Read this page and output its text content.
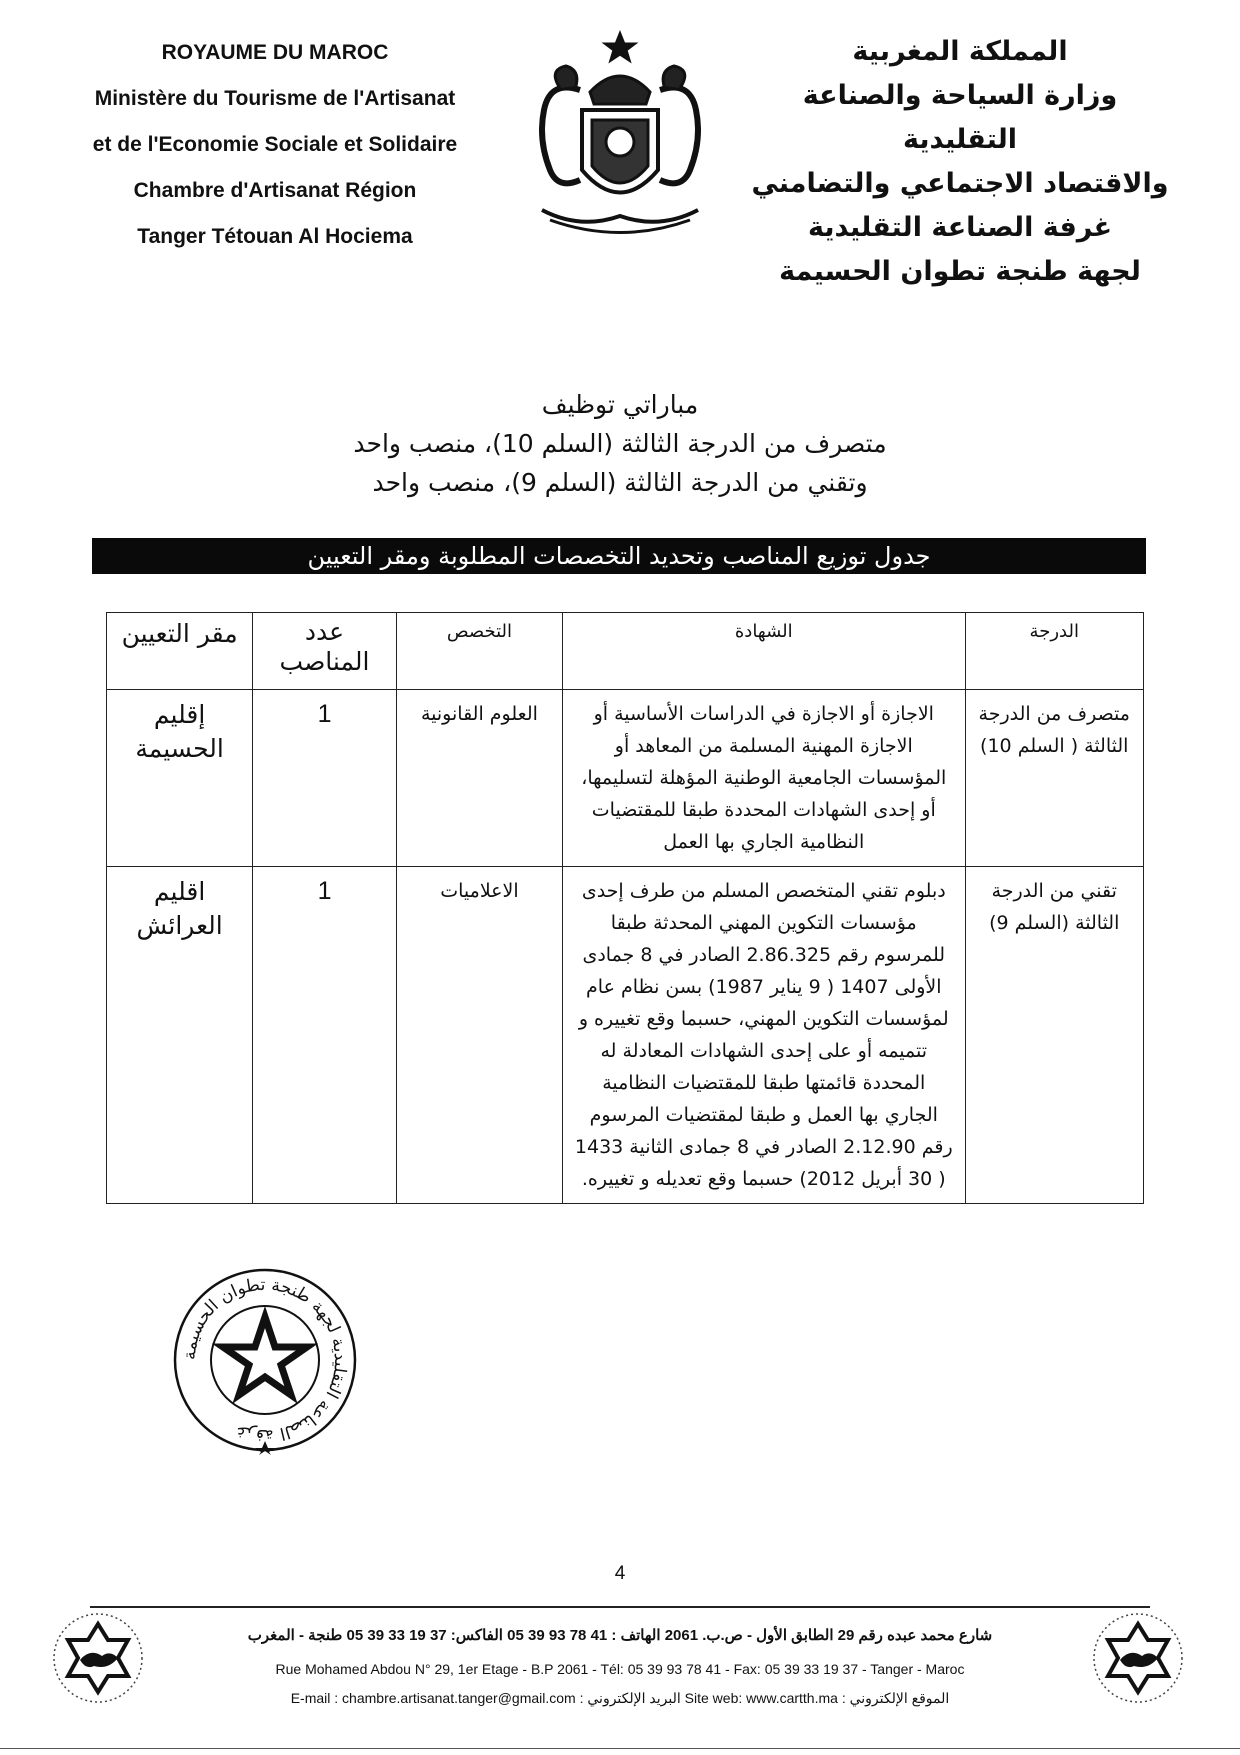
ROYAUME DU MAROC
Ministère du Tourisme de l'Artisanat
et de l'Economie Sociale et Solidaire
Chambre d'Artisanat Région
Tanger Tétouan Al Hociema
المملكة المغربية
وزارة السياحة والصناعة التقليدية
والاقتصاد الاجتماعي والتضامني
غرفة الصناعة التقليدية
لجهة طنجة تطوان الحسيمة
مباراتي توظيف
متصرف من الدرجة الثالثة (السلم 10)، منصب واحد
وتقني من الدرجة الثالثة (السلم 9)، منصب واحد
جدول توزيع المناصب وتحديد التخصصات المطلوبة ومقر التعيين
الدرجة	الشهادة	التخصص	عدد المناصب	مقر التعيين
متصرف من الدرجة الثالثة ( السلم 10)	الاجازة أو الاجازة في الدراسات الأساسية أو الاجازة المهنية المسلمة من المعاهد أو المؤسسات الجامعية الوطنية المؤهلة لتسليمها، أو إحدى الشهادات المحددة طبقا للمقتضيات النظامية الجاري بها العمل	العلوم القانونية	1	إقليم الحسيمة
تقني من الدرجة الثالثة (السلم 9)	دبلوم تقني المتخصص المسلم من طرف إحدى مؤسسات التكوين المهني المحدثة طبقا للمرسوم رقم 2.86.325 الصادر في 8 جمادى الأولى 1407 ( 9 يناير 1987) بسن نظام عام لمؤسسات التكوين المهني، حسبما وقع تغييره و تتميمه أو على إحدى الشهادات المعادلة له المحددة قائمتها طبقا للمقتضيات النظامية الجاري بها العمل و طبقا لمقتضيات المرسوم رقم 2.12.90 الصادر في 8 جمادى الثانية 1433 ( 30 أبريل 2012) حسبما وقع تعديله و تغييره.	الاعلاميات	1	اقليم العرائش
غرفة الصناعة التقليدية لجهة طنجة تطوان الحسيمة
4
شارع محمد عبده رقم 29 الطابق الأول - ص.ب. 2061 الهاتف : 41 78 93 39 05 الفاكس: 37 19 33 39 05 طنجة - المغرب
Rue Mohamed Abdou N° 29, 1er Etage - B.P 2061 - Tél: 05 39 93 78 41 - Fax: 05 39 33 19 37 - Tanger - Maroc
E-mail : chambre.artisanat.tanger@gmail.com : البريد الإلكتروني Site web: www.cartth.ma : الموقع الإلكتروني
